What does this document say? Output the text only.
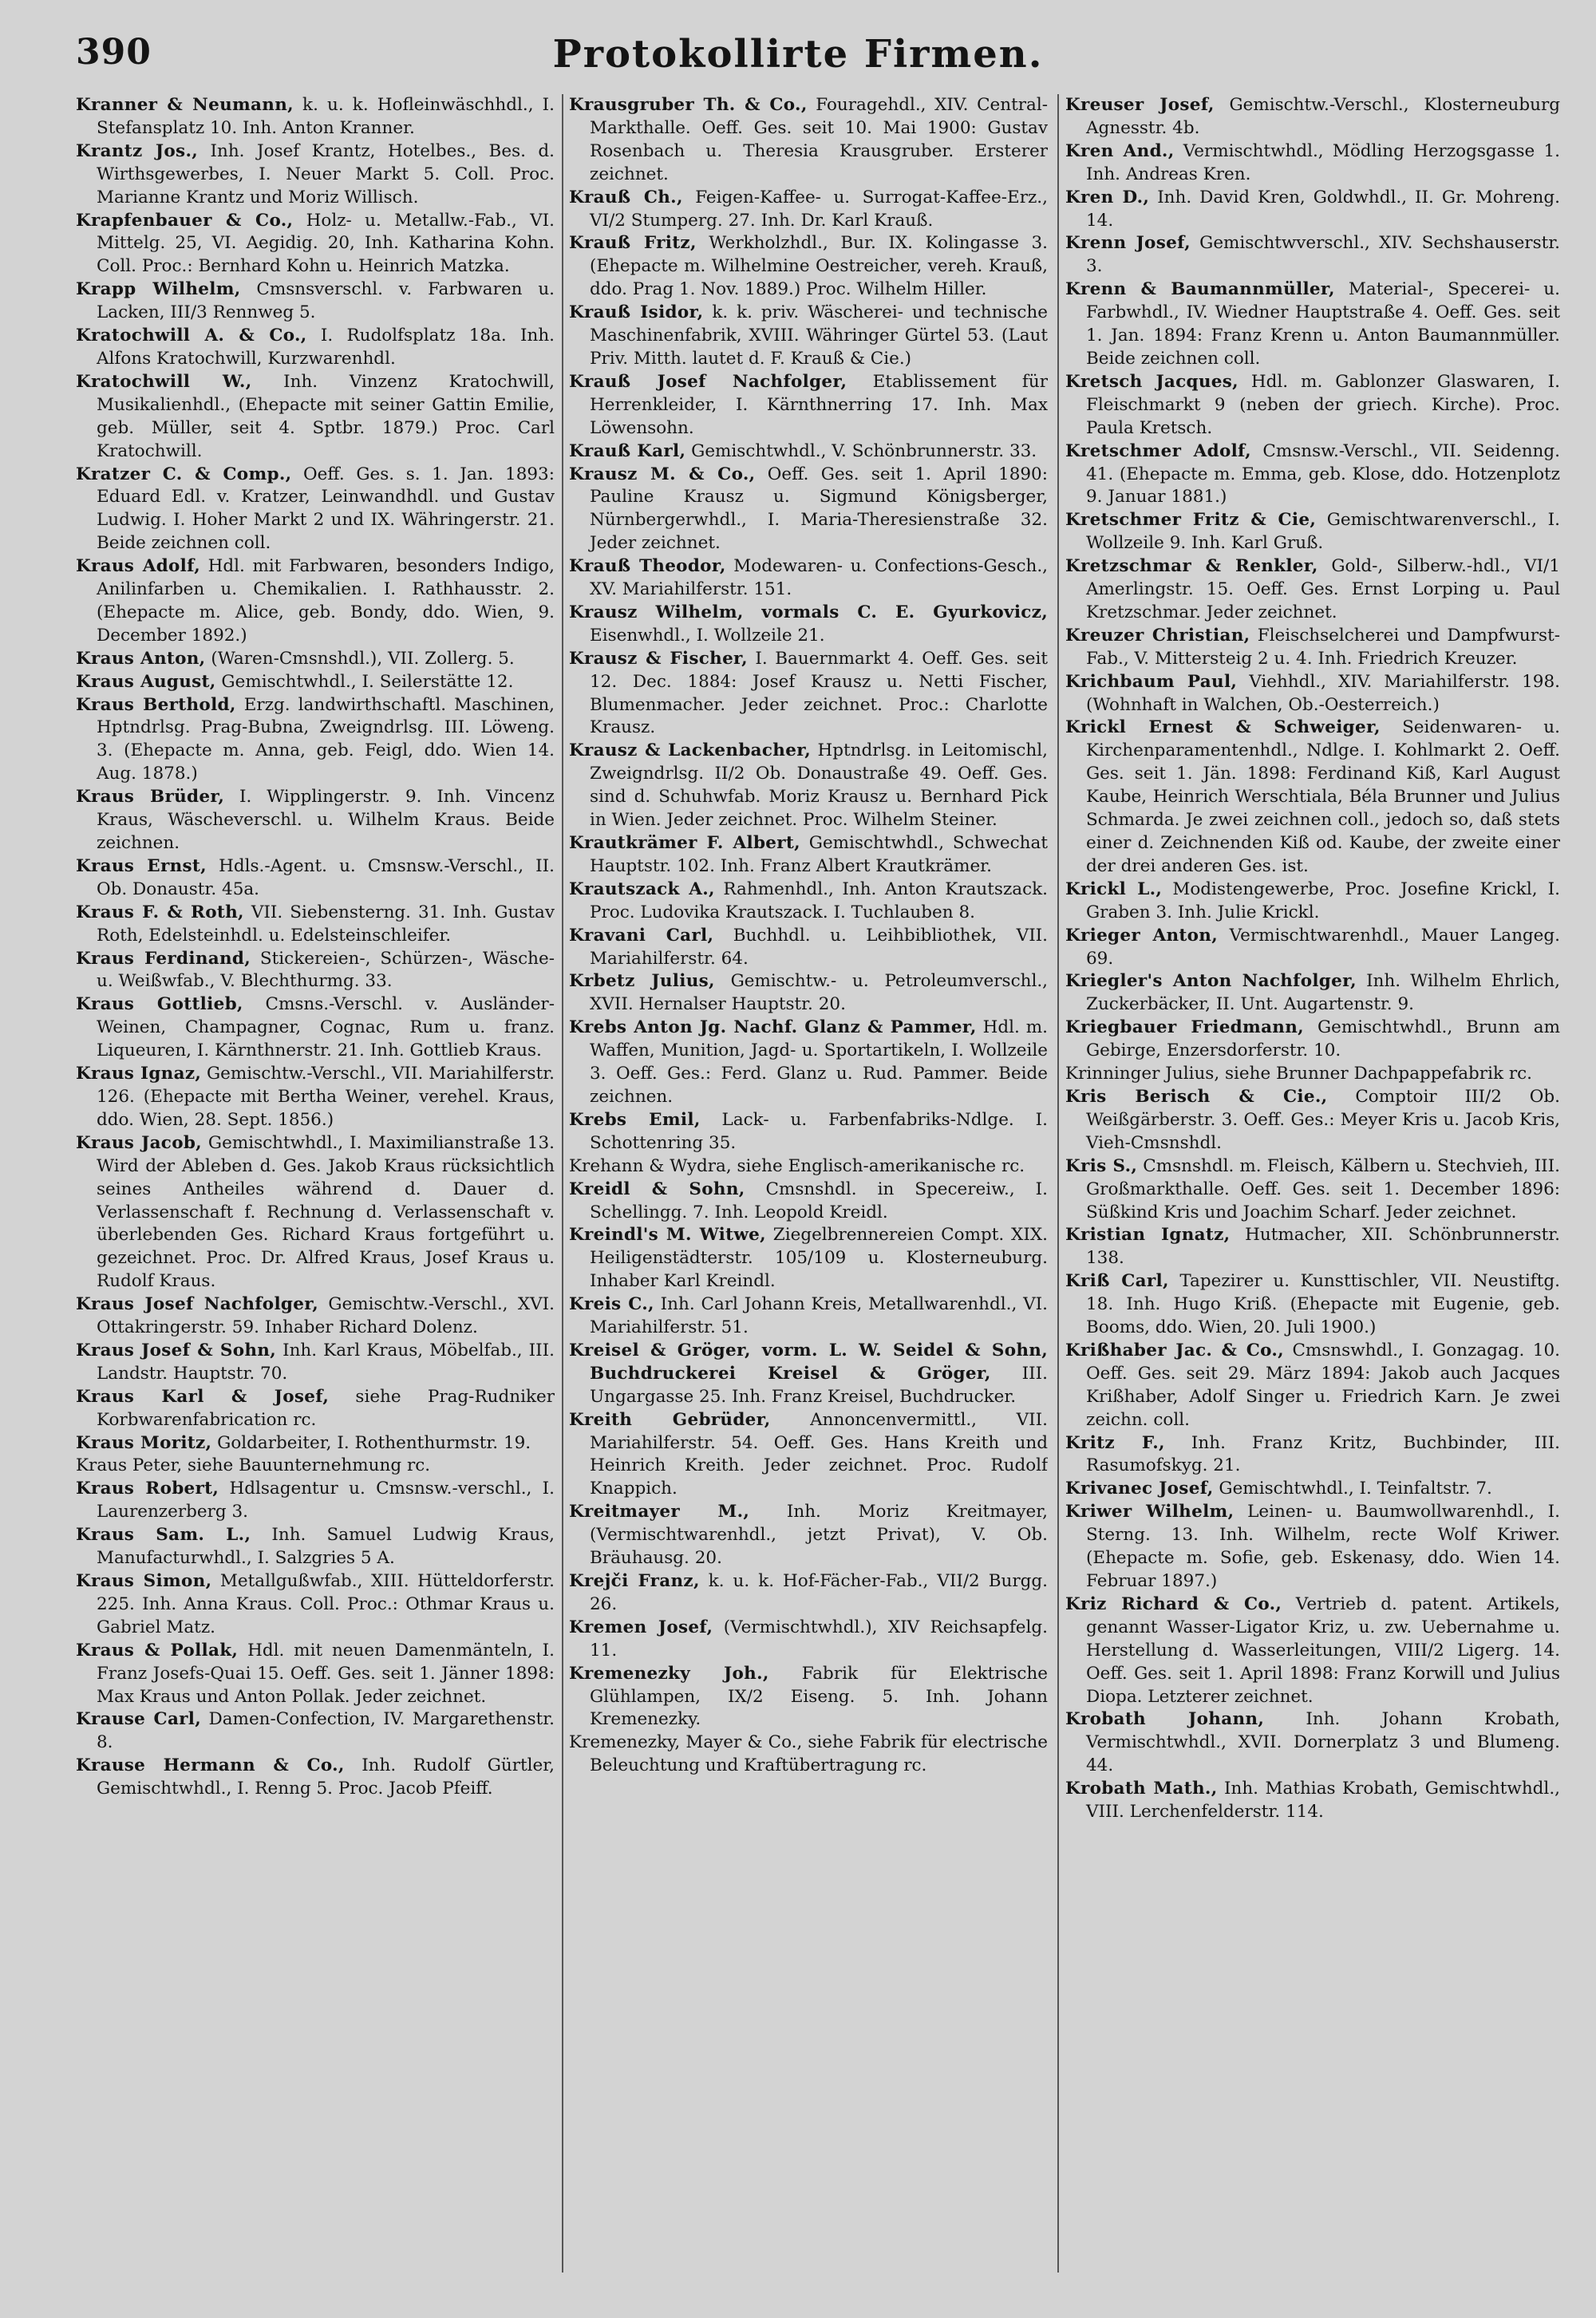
390	Protokollirte Firmen.

Kranner & Neumann, k. u. k. Hofleinwäschhdl., I. Stefansplatz 10. Inh. Anton Kranner.

Krantz Jos., Inh. Josef Krantz, Hotelbes., Bes. d. Wirthsgewerbes, I. Neuer Markt 5. Coll. Proc. Marianne Krantz und Moriz Willisch.

Krapfenbauer & Co., Holz- u. Metallw.-Fab., VI. Mittelg. 25, VI. Aegidig. 20, Inh. Katharina Kohn. Coll. Proc.: Bernhard Kohn u. Heinrich Matzka.

Krapp Wilhelm, Cmsnsverschl. v. Farbwaren u. Lacken, III/3 Rennweg 5.

Kratochwill A. & Co., I. Rudolfsplatz 18a. Inh. Alfons Kratochwill, Kurzwarenhdl.

Kratochwill W., Inh. Vinzenz Kratochwill, Musikalienhdl., (Ehepacte mit seiner Gattin Emilie, geb. Müller, seit 4. Sptbr. 1879.) Proc. Carl Kratochwill.

Kratzer C. & Comp., Oeff. Ges. s. 1. Jan. 1893: Eduard Edl. v. Kratzer, Leinwandhdl. und Gustav Ludwig. I. Hoher Markt 2 und IX. Währingerstr. 21. Beide zeichnen coll.

Kraus Adolf, Hdl. mit Farbwaren, besonders Indigo, Anilinfarben u. Chemikalien. I. Rathhausstr. 2. (Ehepacte m. Alice, geb. Bondy, ddo. Wien, 9. December 1892.)

Kraus Anton, (Waren-Cmsnshdl.), VII. Zollerg. 5.

Kraus August, Gemischtwhdl., I. Seilerstätte 12.

Kraus Berthold, Erzg. landwirthschaftl. Maschinen, Hptndrlsg. Prag-Bubna, Zweigndrlsg. III. Löweng. 3. (Ehepacte m. Anna, geb. Feigl, ddo. Wien 14. Aug. 1878.)

Kraus Brüder, I. Wipplingerstr. 9. Inh. Vincenz Kraus, Wäscheverschl. u. Wilhelm Kraus. Beide zeichnen.

Kraus Ernst, Hdls.-Agent. u. Cmsnsw.-Verschl., II. Ob. Donaustr. 45a.

Kraus F. & Roth, VII. Siebensterng. 31. Inh. Gustav Roth, Edelsteinhdl. u. Edelsteinschleifer.

Kraus Ferdinand, Stickereien-, Schürzen-, Wäsche- u. Weißwfab., V. Blechthurmg. 33.

Kraus Gottlieb, Cmsns.-Verschl. v. Ausländer-Weinen, Champagner, Cognac, Rum u. franz. Liqueuren, I. Kärnthnerstr. 21. Inh. Gottlieb Kraus.

Kraus Ignaz, Gemischtw.-Verschl., VII. Mariahilferstr. 126. (Ehepacte mit Bertha Weiner, verehel. Kraus, ddo. Wien, 28. Sept. 1856.)

Kraus Jacob, Gemischtwhdl., I. Maximilianstraße 13. Wird der Ableben d. Ges. Jakob Kraus rücksichtlich seines Antheiles während d. Dauer d. Verlassenschaft f. Rechnung d. Verlassenschaft v. überlebenden Ges. Richard Kraus fortgeführt u. gezeichnet. Proc. Dr. Alfred Kraus, Josef Kraus u. Rudolf Kraus.

Kraus Josef Nachfolger, Gemischtw.-Verschl., XVI. Ottakringerstr. 59. Inhaber Richard Dolenz.

Kraus Josef & Sohn, Inh. Karl Kraus, Möbelfab., III. Landstr. Hauptstr. 70.

Kraus Karl & Josef, siehe Prag-Rudniker Korbwarenfabrication rc.

Kraus Moritz, Goldarbeiter, I. Rothenthurmstr. 19.

Kraus Peter, siehe Bauunternehmung rc.

Kraus Robert, Hdlsagentur u. Cmsnsw.-verschl., I. Laurenzerberg 3.

Kraus Sam. L., Inh. Samuel Ludwig Kraus, Manufacturwhdl., I. Salzgries 5 A.

Kraus Simon, Metallgußwfab., XIII. Hütteldorferstr. 225. Inh. Anna Kraus. Coll. Proc.: Othmar Kraus u. Gabriel Matz.

Kraus & Pollak, Hdl. mit neuen Damenmänteln, I. Franz Josefs-Quai 15. Oeff. Ges. seit 1. Jänner 1898: Max Kraus und Anton Pollak. Jeder zeichnet.

Krause Carl, Damen-Confection, IV. Margarethenstr. 8.

Krause Hermann & Co., Inh. Rudolf Gürtler, Gemischtwhdl., I. Renng 5. Proc. Jacob Pfeiff.

Krausgruber Th. & Co., Fouragehdl., XIV. Central-Markthalle. Oeff. Ges. seit 10. Mai 1900: Gustav Rosenbach u. Theresia Krausgruber. Ersterer zeichnet.

Krauß Ch., Feigen-Kaffee- u. Surrogat-Kaffee-Erz., VI/2 Stumperg. 27. Inh. Dr. Karl Krauß.

Krauß Fritz, Werkholzhdl., Bur. IX. Kolingasse 3. (Ehepacte m. Wilhelmine Oestreicher, vereh. Krauß, ddo. Prag 1. Nov. 1889.) Proc. Wilhelm Hiller.

Krauß Isidor, k. k. priv. Wäscherei- und technische Maschinenfabrik, XVIII. Währinger Gürtel 53. (Laut Priv. Mitth. lautet d. F. Krauß & Cie.)

Krauß Josef Nachfolger, Etablissement für Herrenkleider, I. Kärnthnerring 17. Inh. Max Löwensohn.

Krauß Karl, Gemischtwhdl., V. Schönbrunnerstr. 33.

Krausz M. & Co., Oeff. Ges. seit 1. April 1890: Pauline Krausz u. Sigmund Königsberger, Nürnbergerwhdl., I. Maria-Theresienstraße 32. Jeder zeichnet.

Krauß Theodor, Modewaren- u. Confections-Gesch., XV. Mariahilferstr. 151.

Krausz Wilhelm, vormals C. E. Gyurkovicz, Eisenwhdl., I. Wollzeile 21.

Krausz & Fischer, I. Bauernmarkt 4. Oeff. Ges. seit 12. Dec. 1884: Josef Krausz u. Netti Fischer, Blumenmacher. Jeder zeichnet. Proc.: Charlotte Krausz.

Krausz & Lackenbacher, Hptndrlsg. in Leitomischl, Zweigndrlsg. II/2 Ob. Donaustraße 49. Oeff. Ges. sind d. Schuhwfab. Moriz Krausz u. Bernhard Pick in Wien. Jeder zeichnet. Proc. Wilhelm Steiner.

Krautkrämer F. Albert, Gemischtwhdl., Schwechat Hauptstr. 102. Inh. Franz Albert Krautkrämer.

Krautszack A., Rahmenhdl., Inh. Anton Krautszack. Proc. Ludovika Krautszack. I. Tuchlauben 8.

Kravani Carl, Buchhdl. u. Leihbibliothek, VII. Mariahilferstr. 64.

Krbetz Julius, Gemischtw.- u. Petroleumverschl., XVII. Hernalser Hauptstr. 20.

Krebs Anton Jg. Nachf. Glanz & Pammer, Hdl. m. Waffen, Munition, Jagd- u. Sportartikeln, I. Wollzeile 3. Oeff. Ges.: Ferd. Glanz u. Rud. Pammer. Beide zeichnen.

Krebs Emil, Lack- u. Farbenfabriks-Ndlge. I. Schottenring 35.

Krehann & Wydra, siehe Englisch-amerikanische rc.

Kreidl & Sohn, Cmsnshdl. in Specereiw., I. Schellingg. 7. Inh. Leopold Kreidl.

Kreindl's M. Witwe, Ziegelbrennereien Compt. XIX. Heiligenstädterstr. 105/109 u. Klosterneuburg. Inhaber Karl Kreindl.

Kreis C., Inh. Carl Johann Kreis, Metallwarenhdl., VI. Mariahilferstr. 51.

Kreisel & Gröger, vorm. L. W. Seidel & Sohn, Buchdruckerei Kreisel & Gröger, III. Ungargasse 25. Inh. Franz Kreisel, Buchdrucker.

Kreith Gebrüder, Annoncenvermittl., VII. Mariahilferstr. 54. Oeff. Ges. Hans Kreith und Heinrich Kreith. Jeder zeichnet. Proc. Rudolf Knappich.

Kreitmayer M., Inh. Moriz Kreitmayer, (Vermischtwarenhdl., jetzt Privat), V. Ob. Bräuhausg. 20.

Krejči Franz, k. u. k. Hof-Fächer-Fab., VII/2 Burgg. 26.

Kremen Josef, (Vermischtwhdl.), XIV Reichsapfelg. 11.

Kremenezky Joh., Fabrik für Elektrische Glühlampen, IX/2 Eiseng. 5. Inh. Johann Kremenezky.

Kremenezky, Mayer & Co., siehe Fabrik für electrische Beleuchtung und Kraftübertragung rc.

Kreuser Josef, Gemischtw.-Verschl., Klosterneuburg Agnesstr. 4b.

Kren And., Vermischtwhdl., Mödling Herzogsgasse 1. Inh. Andreas Kren.

Kren D., Inh. David Kren, Goldwhdl., II. Gr. Mohreng. 14.

Krenn Josef, Gemischtwverschl., XIV. Sechshauserstr. 3.

Krenn & Baumannmüller, Material-, Specerei- u. Farbwhdl., IV. Wiedner Hauptstraße 4. Oeff. Ges. seit 1. Jan. 1894: Franz Krenn u. Anton Baumannmüller. Beide zeichnen coll.

Kretsch Jacques, Hdl. m. Gablonzer Glaswaren, I. Fleischmarkt 9 (neben der griech. Kirche). Proc. Paula Kretsch.

Kretschmer Adolf, Cmsnsw.-Verschl., VII. Seidenng. 41. (Ehepacte m. Emma, geb. Klose, ddo. Hotzenplotz 9. Januar 1881.)

Kretschmer Fritz & Cie, Gemischtwarenverschl., I. Wollzeile 9. Inh. Karl Gruß.

Kretzschmar & Renkler, Gold-, Silberw.-hdl., VI/1 Amerlingstr. 15. Oeff. Ges. Ernst Lorping u. Paul Kretzschmar. Jeder zeichnet.

Kreuzer Christian, Fleischselcherei und Dampfwurst-Fab., V. Mittersteig 2 u. 4. Inh. Friedrich Kreuzer.

Krichbaum Paul, Viehhdl., XIV. Mariahilferstr. 198. (Wohnhaft in Walchen, Ob.-Oesterreich.)

Krickl Ernest & Schweiger, Seidenwaren- u. Kirchenparamentenhdl., Ndlge. I. Kohlmarkt 2. Oeff. Ges. seit 1. Jän. 1898: Ferdinand Kiß, Karl August Kaube, Heinrich Werschtiala, Béla Brunner und Julius Schmarda. Je zwei zeichnen coll., jedoch so, daß stets einer d. Zeichnenden Kiß od. Kaube, der zweite einer der drei anderen Ges. ist.

Krickl L., Modistengewerbe, Proc. Josefine Krickl, I. Graben 3. Inh. Julie Krickl.

Krieger Anton, Vermischtwarenhdl., Mauer Langeg. 69.

Kriegler's Anton Nachfolger, Inh. Wilhelm Ehrlich, Zuckerbäcker, II. Unt. Augartenstr. 9.

Kriegbauer Friedmann, Gemischtwhdl., Brunn am Gebirge, Enzersdorferstr. 10.

Krinninger Julius, siehe Brunner Dachpappefabrik rc.

Kris Berisch & Cie., Comptoir III/2 Ob. Weißgärberstr. 3. Oeff. Ges.: Meyer Kris u. Jacob Kris, Vieh-Cmsnshdl.

Kris S., Cmsnshdl. m. Fleisch, Kälbern u. Stechvieh, III. Großmarkthalle. Oeff. Ges. seit 1. December 1896: Süßkind Kris und Joachim Scharf. Jeder zeichnet.

Kristian Ignatz, Hutmacher, XII. Schönbrunnerstr. 138.

Kriß Carl, Tapezirer u. Kunsttischler, VII. Neustiftg. 18. Inh. Hugo Kriß. (Ehepacte mit Eugenie, geb. Booms, ddo. Wien, 20. Juli 1900.)

Krißhaber Jac. & Co., Cmsnswhdl., I. Gonzagag. 10. Oeff. Ges. seit 29. März 1894: Jakob auch Jacques Krißhaber, Adolf Singer u. Friedrich Karn. Je zwei zeichn. coll.

Kritz F., Inh. Franz Kritz, Buchbinder, III. Rasumofskyg. 21.

Krivanec Josef, Gemischtwhdl., I. Teinfaltstr. 7.

Kriwer Wilhelm, Leinen- u. Baumwollwarenhdl., I. Sterng. 13. Inh. Wilhelm, recte Wolf Kriwer. (Ehepacte m. Sofie, geb. Eskenasy, ddo. Wien 14. Februar 1897.)

Kriz Richard & Co., Vertrieb d. patent. Artikels, genannt Wasser-Ligator Kriz, u. zw. Uebernahme u. Herstellung d. Wasserleitungen, VIII/2 Ligerg. 14. Oeff. Ges. seit 1. April 1898: Franz Korwill und Julius Diopa. Letzterer zeichnet.

Krobath Johann, Inh. Johann Krobath, Vermischtwhdl., XVII. Dornerplatz 3 und Blumeng. 44.

Krobath Math., Inh. Mathias Krobath, Gemischtwhdl., VIII. Lerchenfelderstr. 114.
